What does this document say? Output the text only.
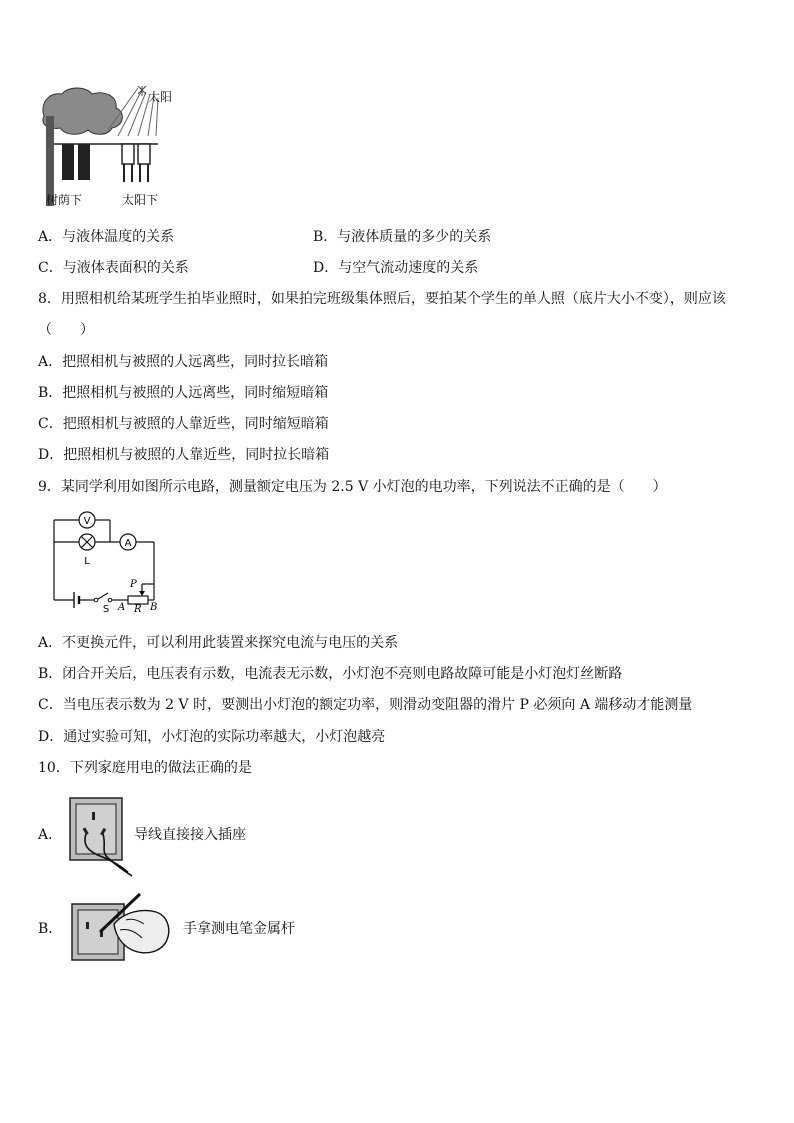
太阳
树荫下	太阳下
A．与液体温度的关系	B．与液体质量的多少的关系
C．与液体表面积的关系	D．与空气流动速度的关系
8．用照相机给某班学生拍毕业照时，如果拍完班级集体照后，要拍某个学生的单人照（底片大小不变），则应该
（　　）
A．把照相机与被照的人远离些，同时拉长暗箱
B．把照相机与被照的人远离些，同时缩短暗箱
C．把照相机与被照的人靠近些，同时缩短暗箱
D．把照相机与被照的人靠近些，同时拉长暗箱
9．某同学利用如图所示电路，测量额定电压为 2.5 V 小灯泡的电功率，下列说法不正确的是（　　）
V
L
A
S
P
A R B
A．不更换元件，可以利用此装置来探究电流与电压的关系
B．闭合开关后，电压表有示数，电流表无示数，小灯泡不亮则电路故障可能是小灯泡灯丝断路
C．当电压表示数为 2 V 时，要测出小灯泡的额定功率，则滑动变阻器的滑片 P 必须向 A 端移动才能测量
D．通过实验可知，小灯泡的实际功率越大，小灯泡越亮
10．下列家庭用电的做法正确的是
A．	导线直接接入插座
B．	手拿测电笔金属杆
